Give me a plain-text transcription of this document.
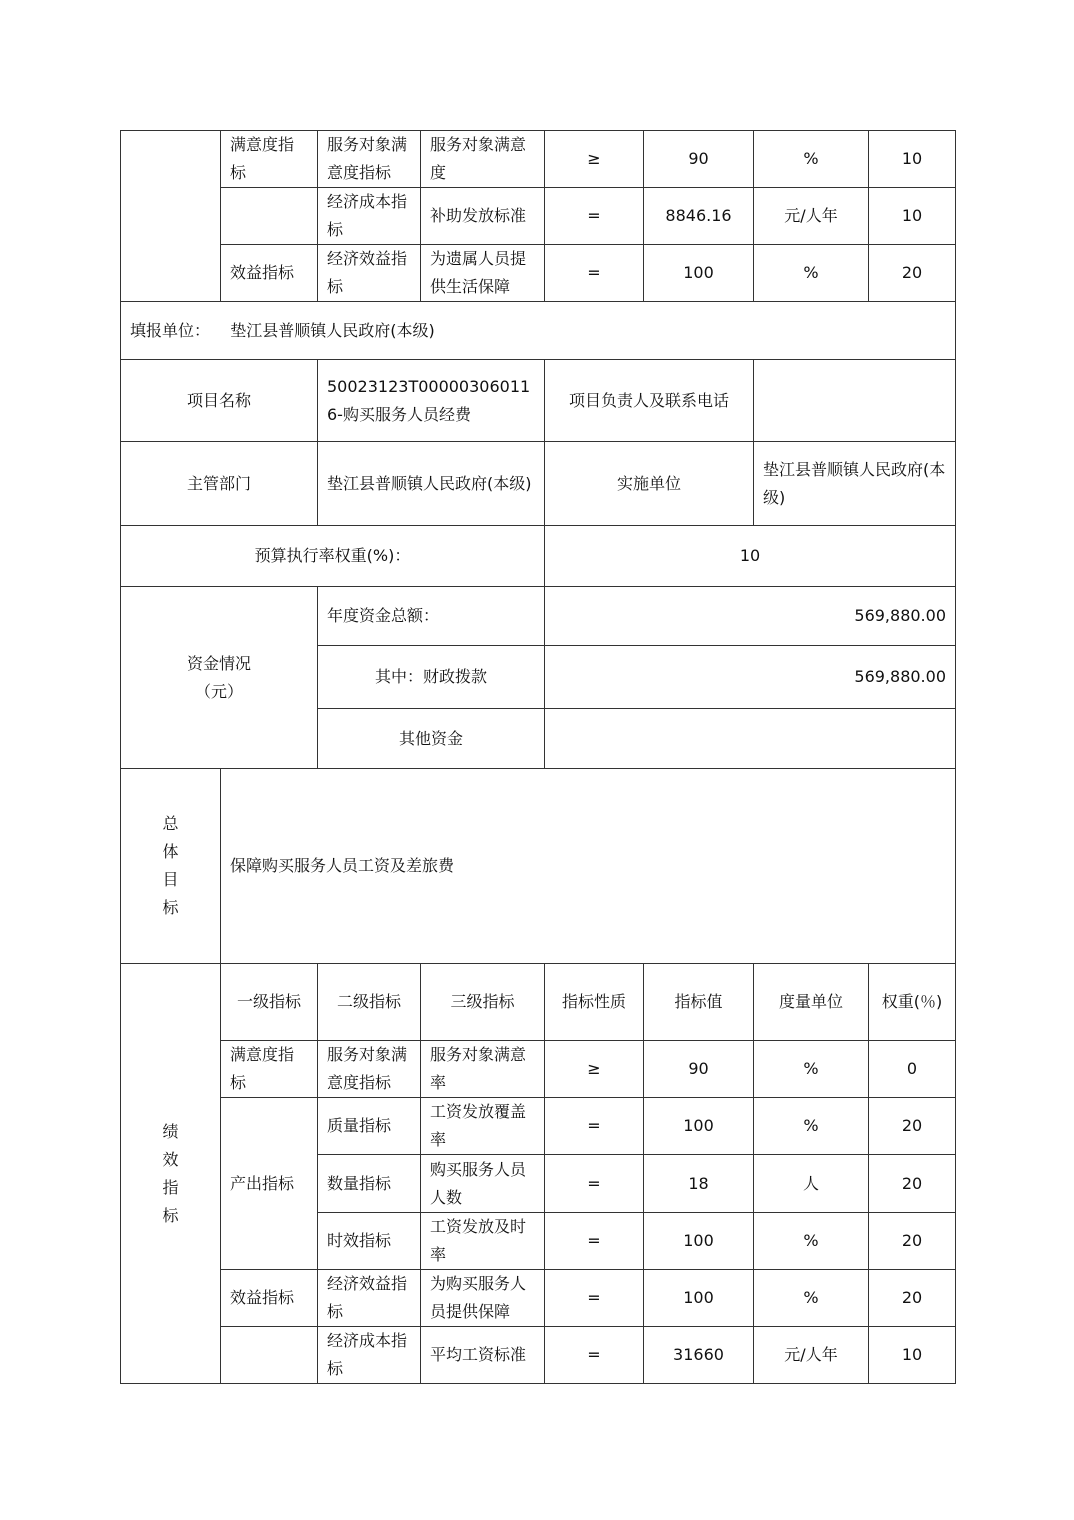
	满意度指标	服务对象满意度指标	服务对象满意度	≥	90	%	10
		经济成本指标	补助发放标准	=	8846.16	元/人年	10
	效益指标	经济效益指标	为遗属人员提供生活保障	=	100	%	20
填报单位： 垫江县普顺镇人民政府(本级)							
项目名称		50023123T000003060116-购买服务人员经费		项目负责人及联系电话			
主管部门		垫江县普顺镇人民政府(本级)		实施单位		垫江县普顺镇人民政府(本级)	
预算执行率权重(%)：				10			

资金情况
（元）		年度资金总额：		569,880.00			
		其中：财政拨款		569,880.00			
		其他资金					

总
体
目
标	保障购买服务人员工资及差旅费						

绩
效
指
标	一级指标	二级指标	三级指标	指标性质	指标值	度量单位	权重(％)
	满意度指标	服务对象满意度指标	服务对象满意率	≥	90	%	0
	产出指标	质量指标	工资发放覆盖率	=	100	%	20
		数量指标	购买服务人员人数	=	18	人	20
		时效指标	工资发放及时率	=	100	%	20
	效益指标	经济效益指标	为购买服务人员提供保障	=	100	%	20
		经济成本指标	平均工资标准	=	31660	元/人年	10
